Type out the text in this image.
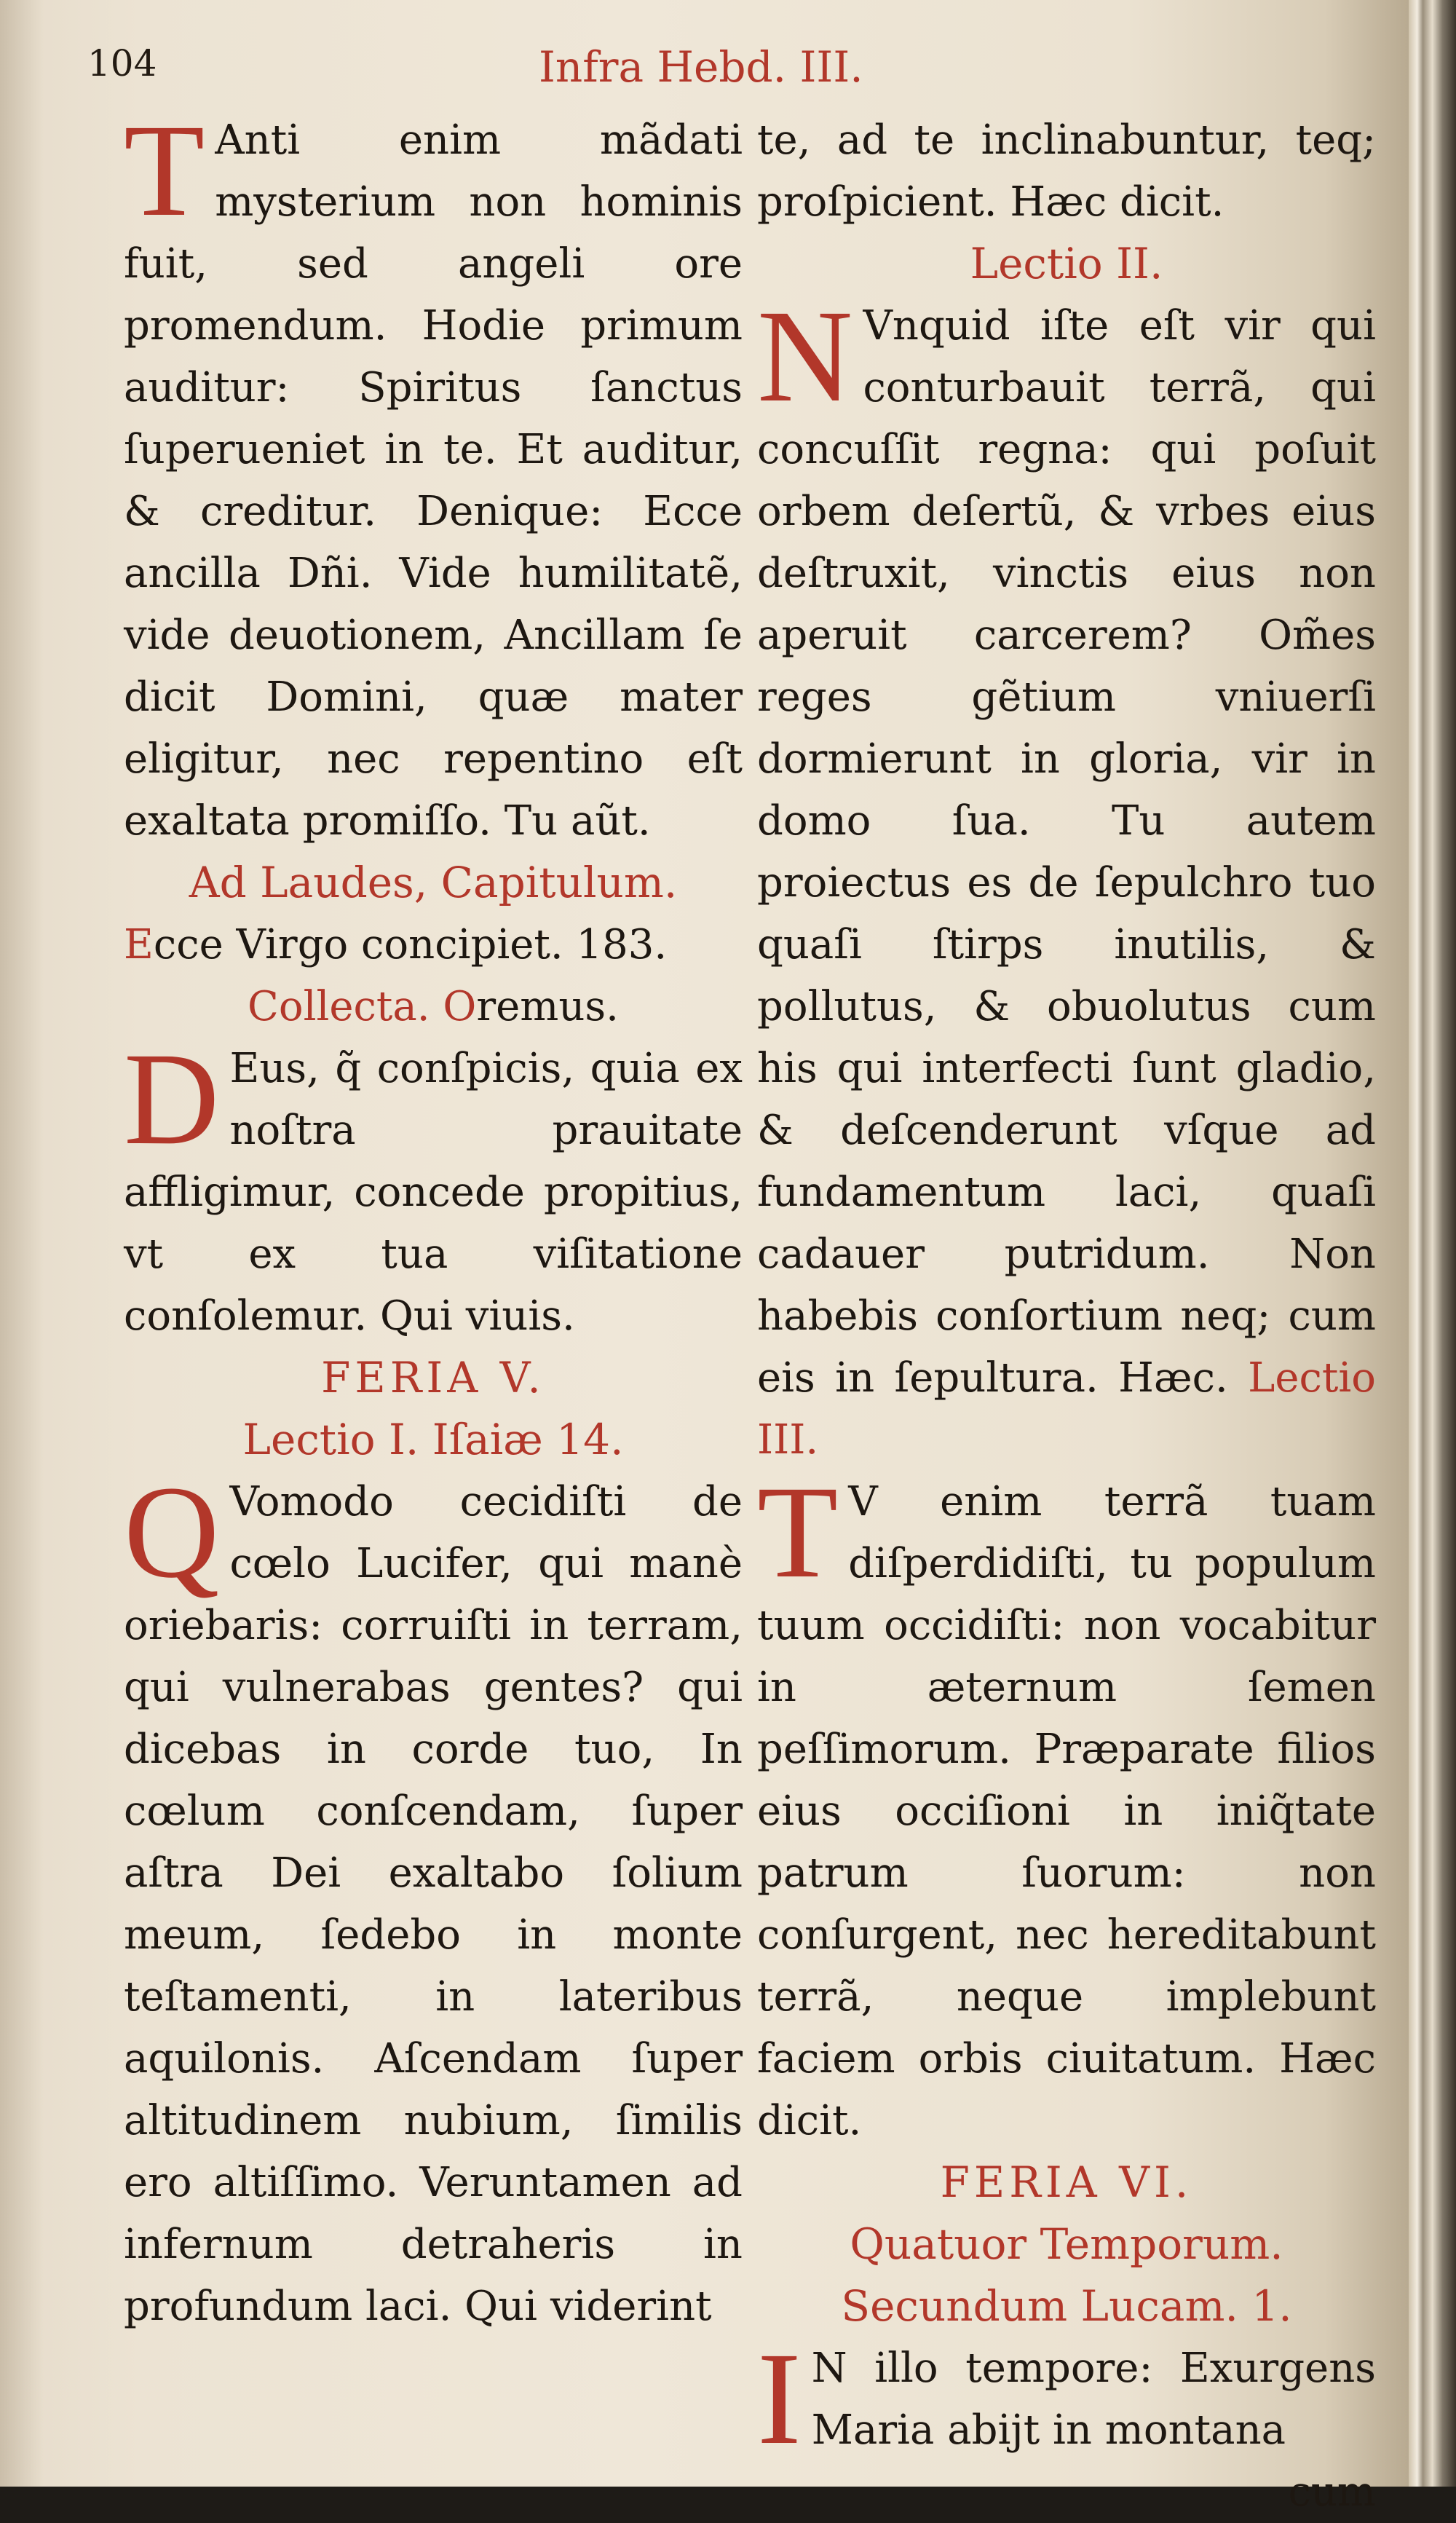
104	Infra Hebd. III.

T Anti enim mãdati mysterium non hominis fuit, sed angeli ore promendum. Hodie primum auditur: Spiritus ſanctus ſuperueniet in te. Et auditur, & creditur. Denique: Ecce ancilla Dñi. Vide humilitatẽ, vide deuotionem, Ancillam ſe dicit Domini, quæ mater eligitur, nec repentino eſt exaltata promiſſo. Tu aũt.

Ad Laudes, Capitulum.

Ecce Virgo concipiet. 183.

Collecta. Oremus.

D Eus, q̃ conſpicis, quia ex noſtra prauitate affligimur, concede propitius, vt ex tua viſitatione conſolemur. Qui viuis.

FERIA V.

Lectio I. Iſaiæ 14.

Q Vomodo cecidiſti de cœlo Lucifer, qui manè oriebaris: corruiſti in terram, qui vulnerabas gentes? qui dicebas in corde tuo, In cœlum conſcendam, ſuper aſtra Dei exaltabo ſolium meum, ſedebo in monte teſtamenti, in lateribus aquilonis. Aſcendam ſuper altitudinem nubium, ſimilis ero altiſſimo. Veruntamen ad infernum detraheris in profundum laci. Qui viderint

te, ad te inclinabuntur, teq; proſpicient. Hæc dicit.

Lectio II.

N Vnquid iſte eſt vir qui conturbauit terrã, qui concuſſit regna: qui poſuit orbem deſertũ, & vrbes eius deſtruxit, vinctis eius non aperuit carcerem? Om̃es reges gẽtium vniuerſi dormierunt in gloria, vir in domo ſua. Tu autem proiectus es de ſepulchro tuo quaſi ſtirps inutilis, & pollutus, & obuolutus cum his qui interfecti ſunt gladio, & deſcenderunt vſque ad fundamentum laci, quaſi cadauer putridum. Non habebis conſortium neq; cum eis in ſepultura. Hæc. Lectio III.

T V enim terrã tuam diſperdidiſti, tu populum tuum occidiſti: non vocabitur in æternum ſemen peſſimorum. Præparate filios eius occiſioni in iniq̃tate patrum ſuorum: non conſurgent, nec hereditabunt terrã, neque implebunt faciem orbis ciuitatum. Hæc dicit.

FERIA VI.

Quatuor Temporum.

Secundum Lucam. 1.

I N illo tempore: Exurgens Maria abijt in montana

cum
